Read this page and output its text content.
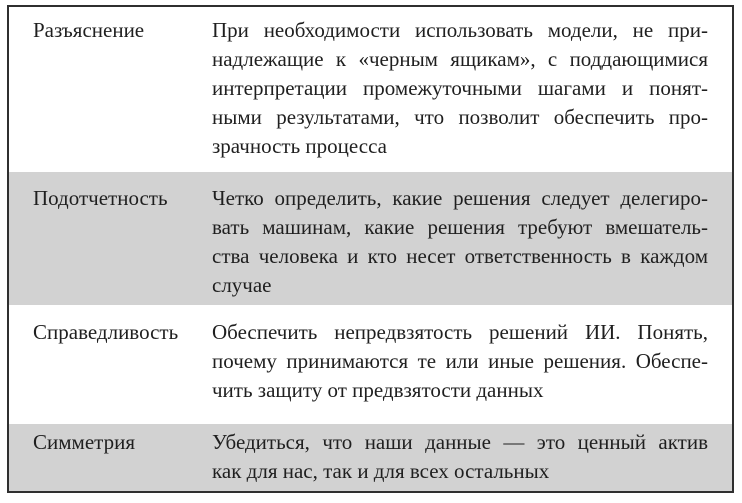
Разъяснение	При необходимости использовать модели, не при-
надлежащие к «черным ящикам», с поддающимися
интерпретации промежуточными шагами и понят-
ными результатами, что позволит обеспечить про-
зрачность процесса
Подотчетность	Четко определить, какие решения следует делегиро-
вать машинам, какие решения требуют вмешатель-
ства человека и кто несет ответственность в каждом
случае
Справедливость	Обеспечить непредвзятость решений ИИ. Понять,
почему принимаются те или иные решения. Обеспе-
чить защиту от предвзятости данных
Симметрия	Убедиться, что наши данные — это ценный актив
как для нас, так и для всех остальных
